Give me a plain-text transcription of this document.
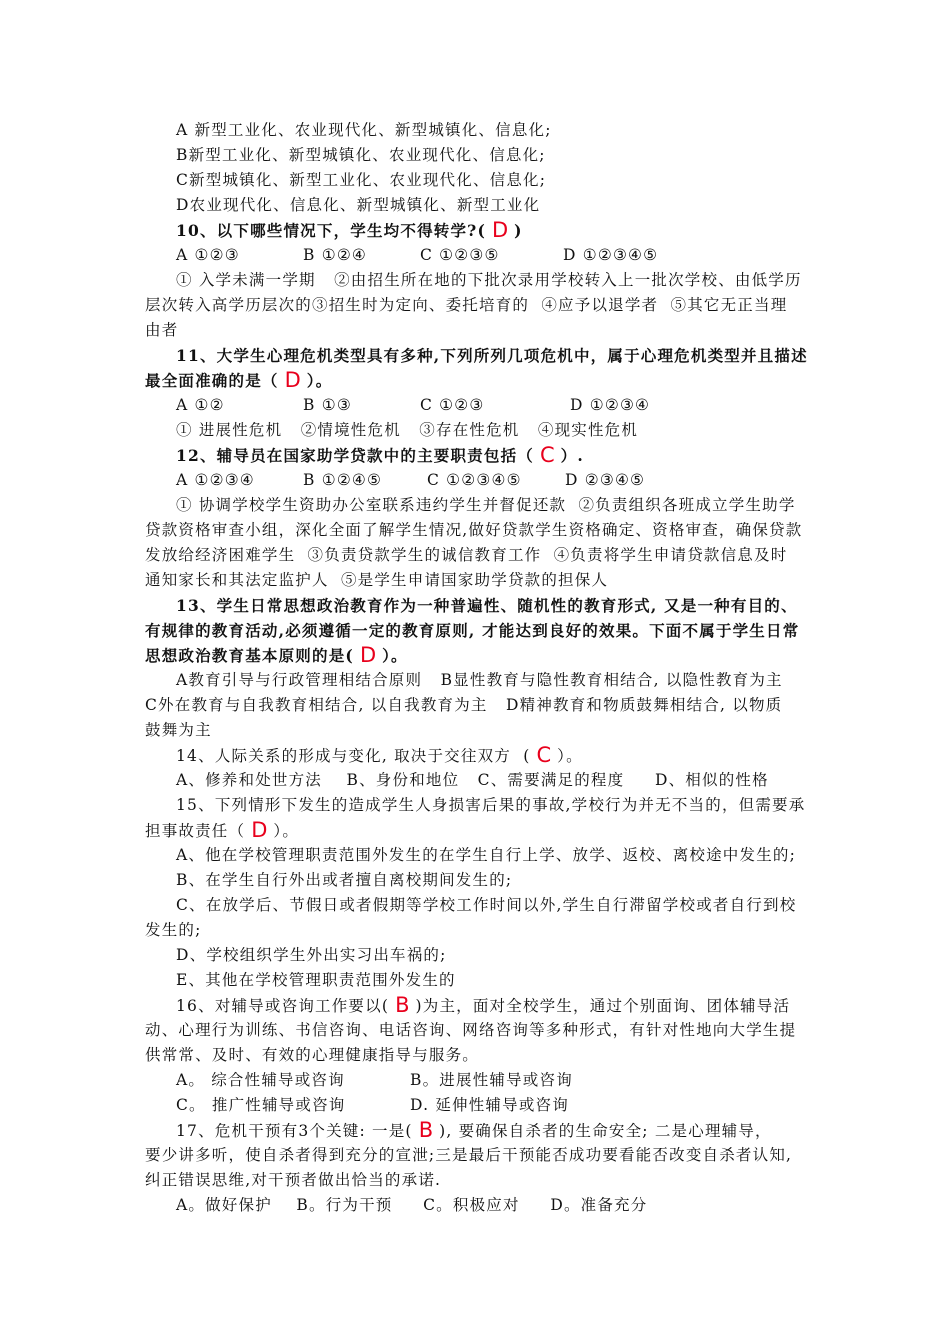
A 新型工业化、农业现代化、新型城镇化、信息化;
B新型工业化、新型城镇化、农业现代化、信息化;
C新型城镇化、新型工业化、农业现代化、信息化;
D农业现代化、信息化、新型城镇化、新型工业化
10、以下哪些情况下，学生均不得转学?( D )
A ①②③	B ①②④	C ①②③⑤	D ①②③④⑤
① 入学未满一学期   ②由招生所在地的下批次录用学校转入上一批次学校、由低学历
层次转入高学历层次的③招生时为定向、委托培育的  ④应予以退学者  ⑤其它无正当理
由者
11、大学生心理危机类型具有多种,下列所列几项危机中，属于心理危机类型并且描述
最全面准确的是（ D ）。
A ①②	B ①③	C ①②③	D ①②③④
① 进展性危机   ②情境性危机   ③存在性危机   ④现实性危机
12、辅导员在国家助学贷款中的主要职责包括（ C ）.
A ①②③④	B ①②④⑤	C ①②③④⑤	D ②③④⑤
① 协调学校学生资助办公室联系违约学生并督促还款  ②负责组织各班成立学生助学
贷款资格审查小组，深化全面了解学生情况,做好贷款学生资格确定、资格审查，确保贷款
发放给经济困难学生  ③负责贷款学生的诚信教育工作  ④负责将学生申请贷款信息及时
通知家长和其法定监护人  ⑤是学生申请国家助学贷款的担保人
13、学生日常思想政治教育作为一种普遍性、随机性的教育形式, 又是一种有目的、
有规律的教育活动,必须遵循一定的教育原则, 才能达到良好的效果。下面不属于学生日常
思想政治教育基本原则的是( D ）。
A教育引导与行政管理相结合原则   B显性教育与隐性教育相结合, 以隐性教育为主
C外在教育与自我教育相结合, 以自我教育为主   D精神教育和物质鼓舞相结合, 以物质
鼓舞为主
14、人际关系的形成与变化, 取决于交往双方  ( C ）。
A、修养和处世方法    B、身份和地位   C、需要满足的程度     D、相似的性格
15、下列情形下发生的造成学生人身损害后果的事故,学校行为并无不当的，但需要承
担事故责任（ D ）。
A、他在学校管理职责范围外发生的在学生自行上学、放学、返校、离校途中发生的;
B、在学生自行外出或者擅自离校期间发生的;
C、在放学后、节假日或者假期等学校工作时间以外,学生自行滞留学校或者自行到校
发生的;
D、学校组织学生外出实习出车祸的;
E、其他在学校管理职责范围外发生的
16、对辅导或咨询工作要以( B )为主，面对全校学生，通过个别面询、团体辅导活
动、心理行为训练、书信咨询、电话咨询、网络咨询等多种形式，有针对性地向大学生提
供常常、及时、有效的心理健康指导与服务。
A。 综合性辅导或咨询	B。进展性辅导或咨询
C。 推广性辅导或咨询	D. 延伸性辅导或咨询
17、危机干预有3个关键: 一是( B ), 要确保自杀者的生命安全; 二是心理辅导，
要少讲多听，使自杀者得到充分的宣泄;三是最后干预能否成功要看能否改变自杀者认知,
纠正错误思维,对干预者做出恰当的承诺.
A。做好保护    B。行为干预     C。积极应对     D。准备充分
